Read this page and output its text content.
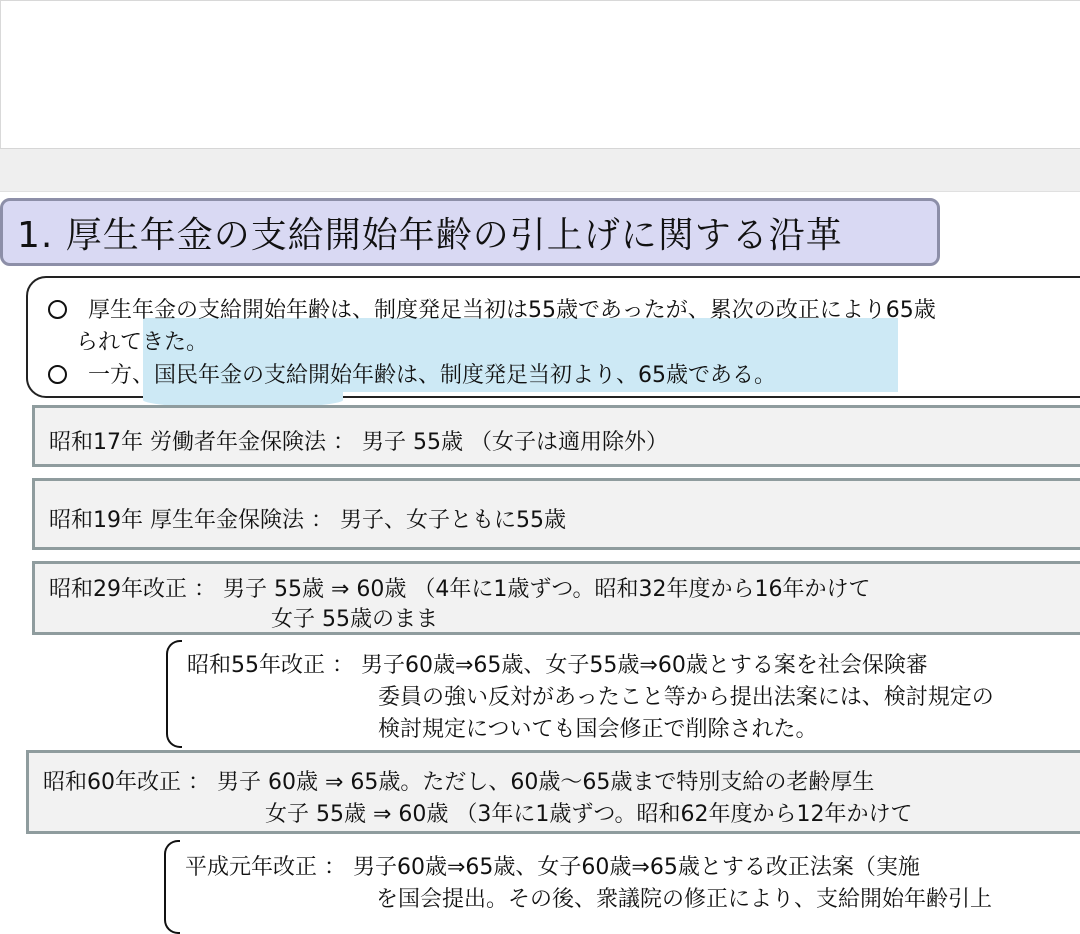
1. 厚生年金の支給開始年齢の引上げに関する沿革
厚生年金の支給開始年齢は、制度発足当初は55歳であったが、累次の改正により65歳
られてきた。
一方、国民年金の支給開始年齢は、制度発足当初より、65歳である。
昭和17年 労働者年金保険法 ： 男子 55歳 （女子は適用除外）
昭和19年 厚生年金保険法 ： 男子、女子ともに55歳
昭和29年改正 ： 男子 55歳 ⇒ 60歳 （4年に1歳ずつ。昭和32年度から16年かけて
女子 55歳のまま
昭和55年改正 ： 男子60歳⇒65歳、女子55歳⇒60歳とする案を社会保険審
委員の強い反対があったこと等から提出法案には、検討規定の
検討規定についても国会修正で削除された。
昭和60年改正 ： 男子 60歳 ⇒ 65歳。ただし、60歳～65歳まで特別支給の老齢厚生
女子 55歳 ⇒ 60歳 （3年に1歳ずつ。昭和62年度から12年かけて
平成元年改正 ： 男子60歳⇒65歳、女子60歳⇒65歳とする改正法案（実施
を国会提出。その後、衆議院の修正により、支給開始年齢引上
